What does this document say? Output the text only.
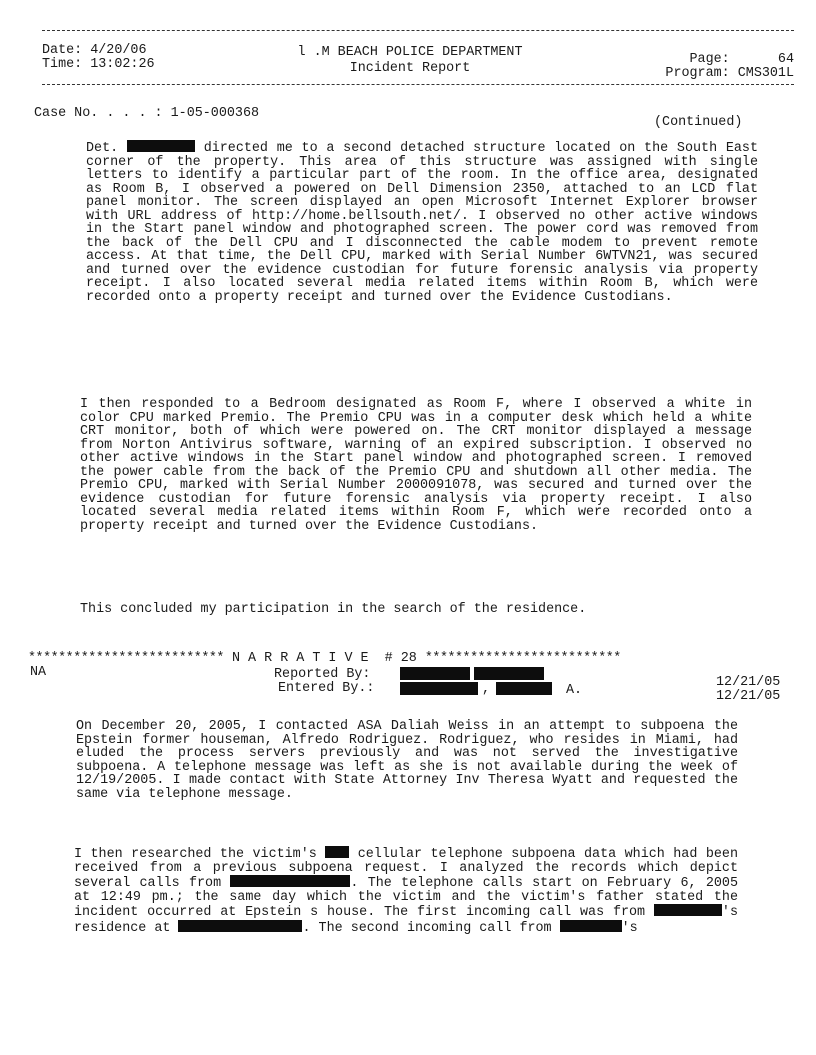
Date: 4/20/06
Time: 13:02:26
l .M BEACH POLICE DEPARTMENT
Incident Report
Page:	64
Program: CMS301L
Case No. . . . : 1-05-000368
(Continued)

Det.	directed me to a second detached structure located on the South East corner of the property. This area of this structure was assigned with single letters to identify a particular part of the room. In the office area, designated as Room B, I observed a powered on Dell Dimension 2350, attached to an LCD flat panel monitor. The screen displayed an open Microsoft Internet Explorer browser with URL address of http://home.bellsouth.net/. I observed no other active windows in the Start panel window and photographed screen. The power cord was removed from the back of the Dell CPU and I disconnected the cable modem to prevent remote access. At that time, the Dell CPU, marked with Serial Number 6WTVN21, was secured and turned over the evidence custodian for future forensic analysis via property receipt. I also located several media related items within Room B, which were recorded onto a property receipt and turned over the Evidence Custodians.

I then responded to a Bedroom designated as Room F, where I observed a white in color CPU marked Premio. The Premio CPU was in a computer desk which held a white CRT monitor, both of which were powered on. The CRT monitor displayed a message from Norton Antivirus software, warning of an expired subscription. I observed no other active windows in the Start panel window and photographed screen. I removed the power cable from the back of the Premio CPU and shutdown all other media. The Premio CPU, marked with Serial Number 2000091078, was secured and turned over the evidence custodian for future forensic analysis via property receipt. I also located several media related items within Room F, which were recorded onto a property receipt and turned over the Evidence Custodians.

This concluded my participation in the search of the residence.

************************** N A R R A T I V E # 28 **************************
NA	Reported By:
12/21/05
Entered By.:	,	A.	12/21/05

On December 20, 2005, I contacted ASA Daliah Weiss in an attempt to subpoena the Epstein former houseman, Alfredo Rodriguez. Rodriguez, who resides in Miami, had eluded the process servers previously and was not served the investigative subpoena. A telephone message was left as she is not available during the week of 12/19/2005. I made contact with State Attorney Inv Theresa Wyatt and requested the same via telephone message.

I then researched the victim's	cellular telephone subpoena data which had been received from a previous subpoena request. I analyzed the records which depict several calls from	. The telephone calls start on February 6, 2005 at 12:49 pm.; the same day which the victim and the victim's father stated the incident occurred at Epstein s house. The first incoming call was from	's residence at	. The second incoming call from	's
